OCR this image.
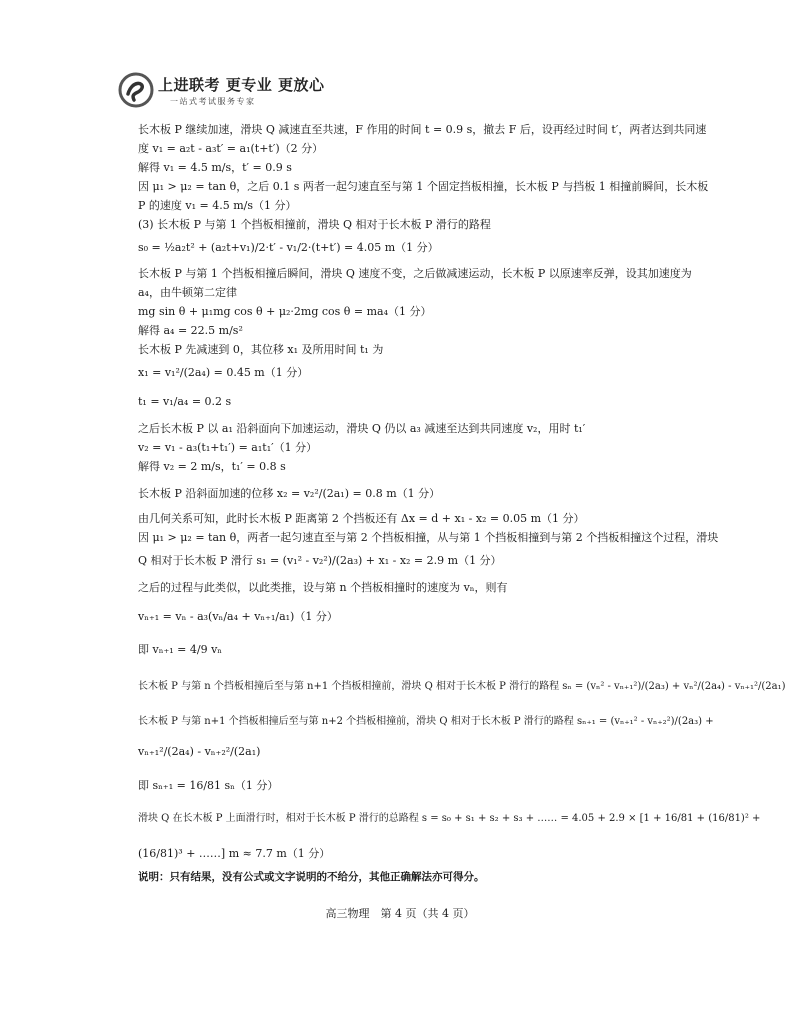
上进联考 更专业 更放心
一站式考试服务专家
长木板 P 继续加速，滑块 Q 减速直至共速，F 作用的时间 t = 0.9 s，撤去 F 后，设再经过时间 t′，两者达到共同速
度 v₁ = a₂t - a₃t′ = a₁(t+t′)（2 分）
解得 v₁ = 4.5 m/s，t′ = 0.9 s
因 μ₁ > μ₂ = tan θ，之后 0.1 s 两者一起匀速直至与第 1 个固定挡板相撞，长木板 P 与挡板 1 相撞前瞬间，长木板
P 的速度 v₁ = 4.5 m/s（1 分）
(3) 长木板 P 与第 1 个挡板相撞前，滑块 Q 相对于长木板 P 滑行的路程
s₀ = ½a₂t² + (a₂t+v₁)/2·t′ - v₁/2·(t+t′) = 4.05 m（1 分）
长木板 P 与第 1 个挡板相撞后瞬间，滑块 Q 速度不变，之后做减速运动，长木板 P 以原速率反弹，设其加速度为
a₄，由牛顿第二定律
mg sin θ + μ₁mg cos θ + μ₂·2mg cos θ = ma₄（1 分）
解得 a₄ = 22.5 m/s²
长木板 P 先减速到 0，其位移 x₁ 及所用时间 t₁ 为
x₁ = v₁²/(2a₄) = 0.45 m（1 分）
t₁ = v₁/a₄ = 0.2 s
之后长木板 P 以 a₁ 沿斜面向下加速运动，滑块 Q 仍以 a₃ 减速至达到共同速度 v₂，用时 t₁′
v₂ = v₁ - a₃(t₁+t₁′) = a₁t₁′（1 分）
解得 v₂ = 2 m/s，t₁′ = 0.8 s
长木板 P 沿斜面加速的位移 x₂ = v₂²/(2a₁) = 0.8 m（1 分）
由几何关系可知，此时长木板 P 距离第 2 个挡板还有 Δx = d + x₁ - x₂ = 0.05 m（1 分）
因 μ₁ > μ₂ = tan θ，两者一起匀速直至与第 2 个挡板相撞，从与第 1 个挡板相撞到与第 2 个挡板相撞这个过程，滑块
Q 相对于长木板 P 滑行 s₁ = (v₁² - v₂²)/(2a₃) + x₁ - x₂ = 2.9 m（1 分）
之后的过程与此类似，以此类推，设与第 n 个挡板相撞时的速度为 vₙ，则有
vₙ₊₁ = vₙ - a₃(vₙ/a₄ + vₙ₊₁/a₁)（1 分）
即 vₙ₊₁ = 4/9 vₙ
长木板 P 与第 n 个挡板相撞后至与第 n+1 个挡板相撞前，滑块 Q 相对于长木板 P 滑行的路程 sₙ = (vₙ² - vₙ₊₁²)/(2a₃) + vₙ²/(2a₄) - vₙ₊₁²/(2a₁)
长木板 P 与第 n+1 个挡板相撞后至与第 n+2 个挡板相撞前，滑块 Q 相对于长木板 P 滑行的路程 sₙ₊₁ = (vₙ₊₁² - vₙ₊₂²)/(2a₃) +
vₙ₊₁²/(2a₄) - vₙ₊₂²/(2a₁)
即 sₙ₊₁ = 16/81 sₙ（1 分）
滑块 Q 在长木板 P 上面滑行时，相对于长木板 P 滑行的总路程 s = s₀ + s₁ + s₂ + s₃ + …… = 4.05 + 2.9 × [1 + 16/81 + (16/81)² +
(16/81)³ + ……] m ≈ 7.7 m（1 分）
说明：只有结果，没有公式或文字说明的不给分，其他正确解法亦可得分。
高三物理　第 4 页（共 4 页）
